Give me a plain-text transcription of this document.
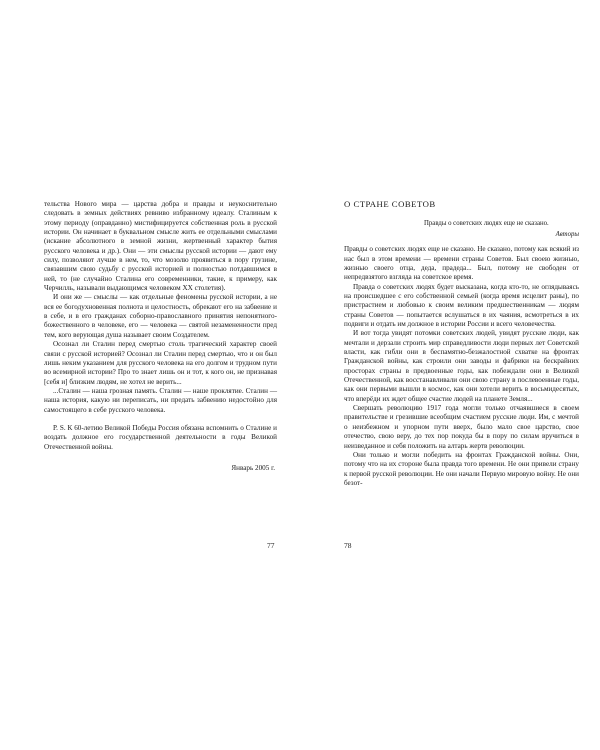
тельства Нового мира — царства добра и правды и неукоснительно следовать в земных действиях ревниво избранному идеалу. Сталиным к этому периоду (оправданно) мистифицируется собственная роль в русской истории. Он начинает в буквальном смысле жить ее отдельными смыслами (искание абсолютного в земной жизни, жертвенный характер бытия русского человека и др.). Они — эти смыслы русской истории — дают ему силу, позволяют лучше в нем, то, что мозолю проявиться в пору грузине, связавшим свою судьбу с русской историей и полностью потдавшимся в ней, то (не случайно Сталина его современники, такие, к примеру, как Черчилль, называли выдающимся человеком XX столетия).

И они же — смыслы — как отдельные феномены русской истории, а не вся ее богодухновенная полнота и целостность, обрекают его на забвение и в себе, и в его гражданах соборно-православного принятия непонятного-божественного в человеке, его — человека — святой незамененности пред тем, кого верующая душа называет своим Создателем.

Осознал ли Сталин перед смертью столь трагический характер своей связи с русской историей? Осознал ли Сталин перед смертью, что и он был лишь неким указанием для русского человека на его долгом и трудном пути во всемирной истории? Про то знает лишь он и тот, к кого он, не признавая [себя и] близким людям, не хотел не верить...

...Сталин — наша грозная память. Сталин — наше проклятие. Сталин — наша история, какую ни переписать, ни предать забвению недостойно для самостоящего в себе русского человека.

P. S. К 60-летию Великой Победы Россия обязана вспомнить о Сталине и воздать должное его государственной деятельности в годы Великой Отечественной войны.

Январь 2005 г.

77

О СТРАНЕ СОВЕТОВ

Правды о советских людях еще не сказано.

Авторы

Правды о советских людях еще не сказано. Не сказано, потому как всякий из нас был в этом времени — времени страны Советов. Был своею жизнью, жизнью своего отца, деда, прадеда... Был, потому не свободен от непредвзятого взгляда на советское время.

Правда о советских людях будет высказана, когда кто-то, не оглядываясь на происшедшее с его собственной семьей (когда время исцелит раны), по пристрастием и любовью к своим великим предшественникам — людям страны Советов — попытается вслушаться в их чаяния, всмотреться в их подвиги и отдать им должное в истории России и всего человечества.

И вот тогда увидят потомки советских людей, увидят русские люди, как мечтали и дерзали строить мир справедливости люди первых лет Советской власти, как гибли они в беспамятно-безжалостной схватке на фронтах Гражданской войны, как строили они заводы и фабрики на бескрайних просторах страны в предвоенные годы, как побеждали они в Великой Отечественной, как восстанавливали они свою страну в послевоенные годы, как они первыми вышли в космос, как они хотели верить в восьмидесятых, что вперёди их ждет общее счастие людей на планете Земля...

Свершать революцию 1917 года могли только отчаявшиеся в своем правительстве и грезившие всеобщим счастием русские люди. Им, с мечтой о неизбежном и упорном пути вверх, было мало свое царство, свое отечество, свою веру, до тех пор покуда бы в пору по силам вручиться в неизведанное и себя положить на алтарь жертв революции.

Они только и могли победить на фронтах Гражданской войны. Они, потому что на их стороне была правда того времени. Не они привели страну к первой русской революции. Не они начали Первую мировую войну. Не они безот-

78
